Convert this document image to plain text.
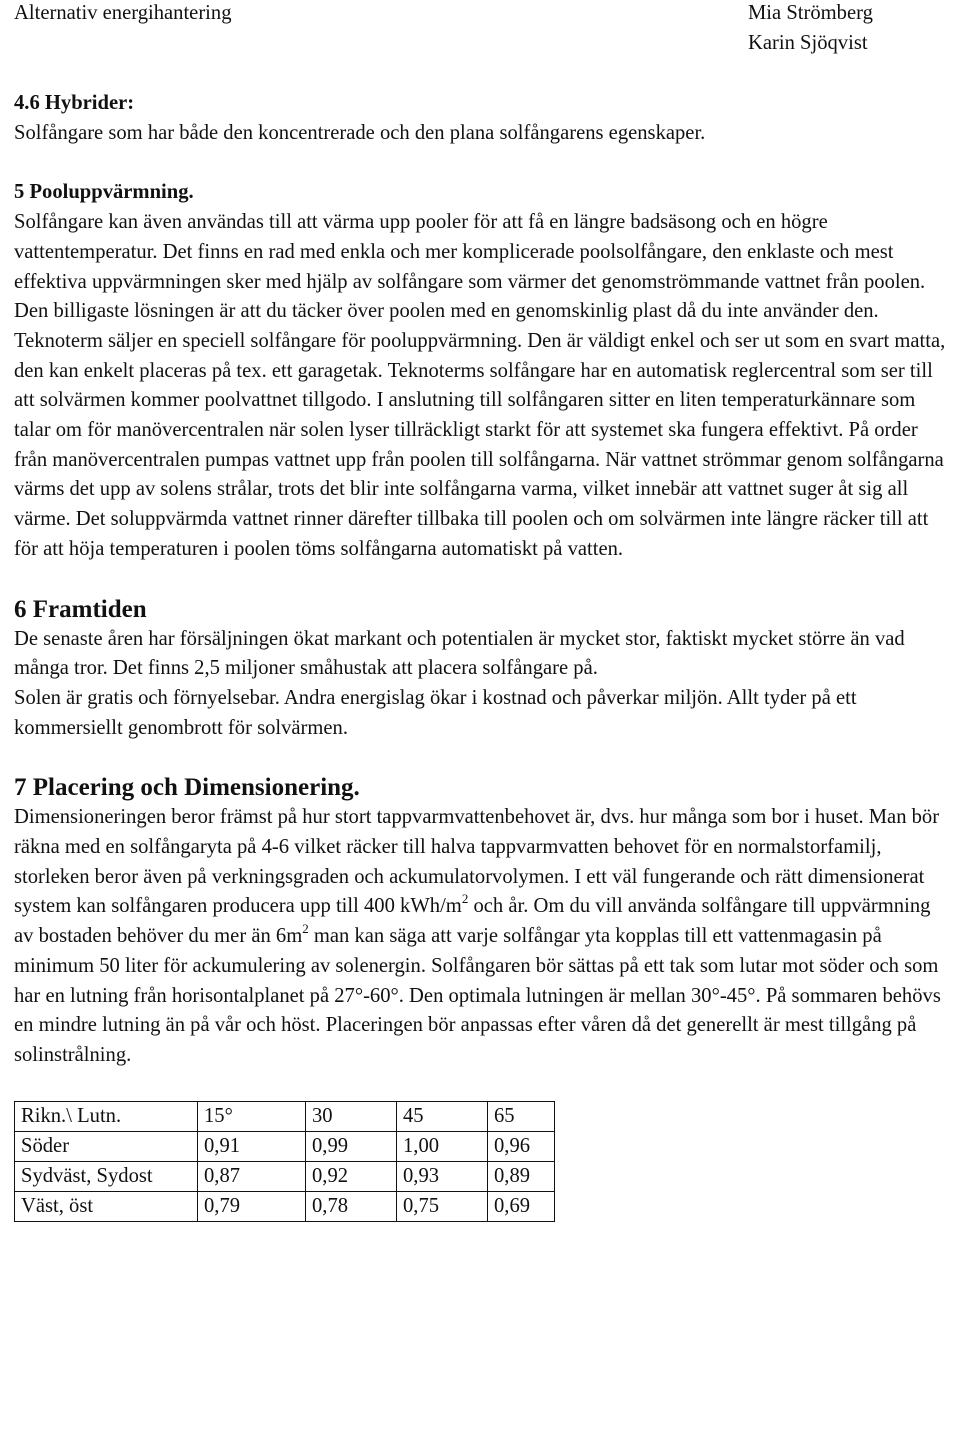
Alternativ energihantering	Mia Strömberg
Karin Sjöqvist
4.6 Hybrider:

Solfångare som har både den koncentrerade och den plana solfångarens egenskaper.

5 Pooluppvärmning.

Solfångare kan även användas till att värma upp pooler för att få en längre badsäsong och en högre vattentemperatur. Det finns en rad med enkla och mer komplicerade poolsolfångare, den enklaste och mest effektiva uppvärmningen sker med hjälp av solfångare som värmer det genomströmmande vattnet från poolen. Den billigaste lösningen är att du täcker över poolen med en genomskinlig plast då du inte använder den. Teknoterm säljer en speciell solfångare för pooluppvärmning. Den är väldigt enkel och ser ut som en svart matta, den kan enkelt placeras på tex. ett garagetak. Teknoterms solfångare har en automatisk reglercentral som ser till att solvärmen kommer poolvattnet tillgodo. I anslutning till solfångaren sitter en liten temperaturkännare som talar om för manövercentralen när solen lyser tillräckligt starkt för att systemet ska fungera effektivt. På order från manövercentralen pumpas vattnet upp från poolen till solfångarna. När vattnet strömmar genom solfångarna värms det upp av solens strålar, trots det blir inte solfångarna varma, vilket innebär att vattnet suger åt sig all värme. Det soluppvärmda vattnet rinner därefter tillbaka till poolen och om solvärmen inte längre räcker till att för att höja temperaturen i poolen töms solfångarna automatiskt på vatten.

6 Framtiden

De senaste åren har försäljningen ökat markant och potentialen är mycket stor, faktiskt mycket större än vad många tror. Det finns 2,5 miljoner småhustak att placera solfångare på.

Solen är gratis och förnyelsebar. Andra energislag ökar i kostnad och påverkar miljön. Allt tyder på ett kommersiellt genombrott för solvärmen.

7 Placering och Dimensionering.

Dimensioneringen beror främst på hur stort tappvarmvattenbehovet är, dvs. hur många som bor i huset. Man bör räkna med en solfångaryta på 4-6 vilket räcker till halva tappvarmvatten behovet för en normalstorfamilj, storleken beror även på verkningsgraden och ackumulatorvolymen. I ett väl fungerande och rätt dimensionerat system kan solfångaren producera upp till 400 kWh/$m^2$ och år. Om du vill använda solfångare till uppvärmning av bostaden behöver du mer än $6m^2$ man kan säga att varje solfångar yta kopplas till ett vattenmagasin på minimum 50 liter för ackumulering av solenergin. Solfångaren bör sättas på ett tak som lutar mot söder och som har en lutning från horisontalplanet på 27°-60°. Den optimala lutningen är mellan 30°-45°. På sommaren behövs en mindre lutning än på vår och höst. Placeringen bör anpassas efter våren då det generellt är mest tillgång på solinstrålning.

Rikn.\ Lutn.	15°	30	45	65
Söder	0,91	0,99	1,00	0,96
Sydväst, Sydost	0,87	0,92	0,93	0,89
Väst, öst	0,79	0,78	0,75	0,69
